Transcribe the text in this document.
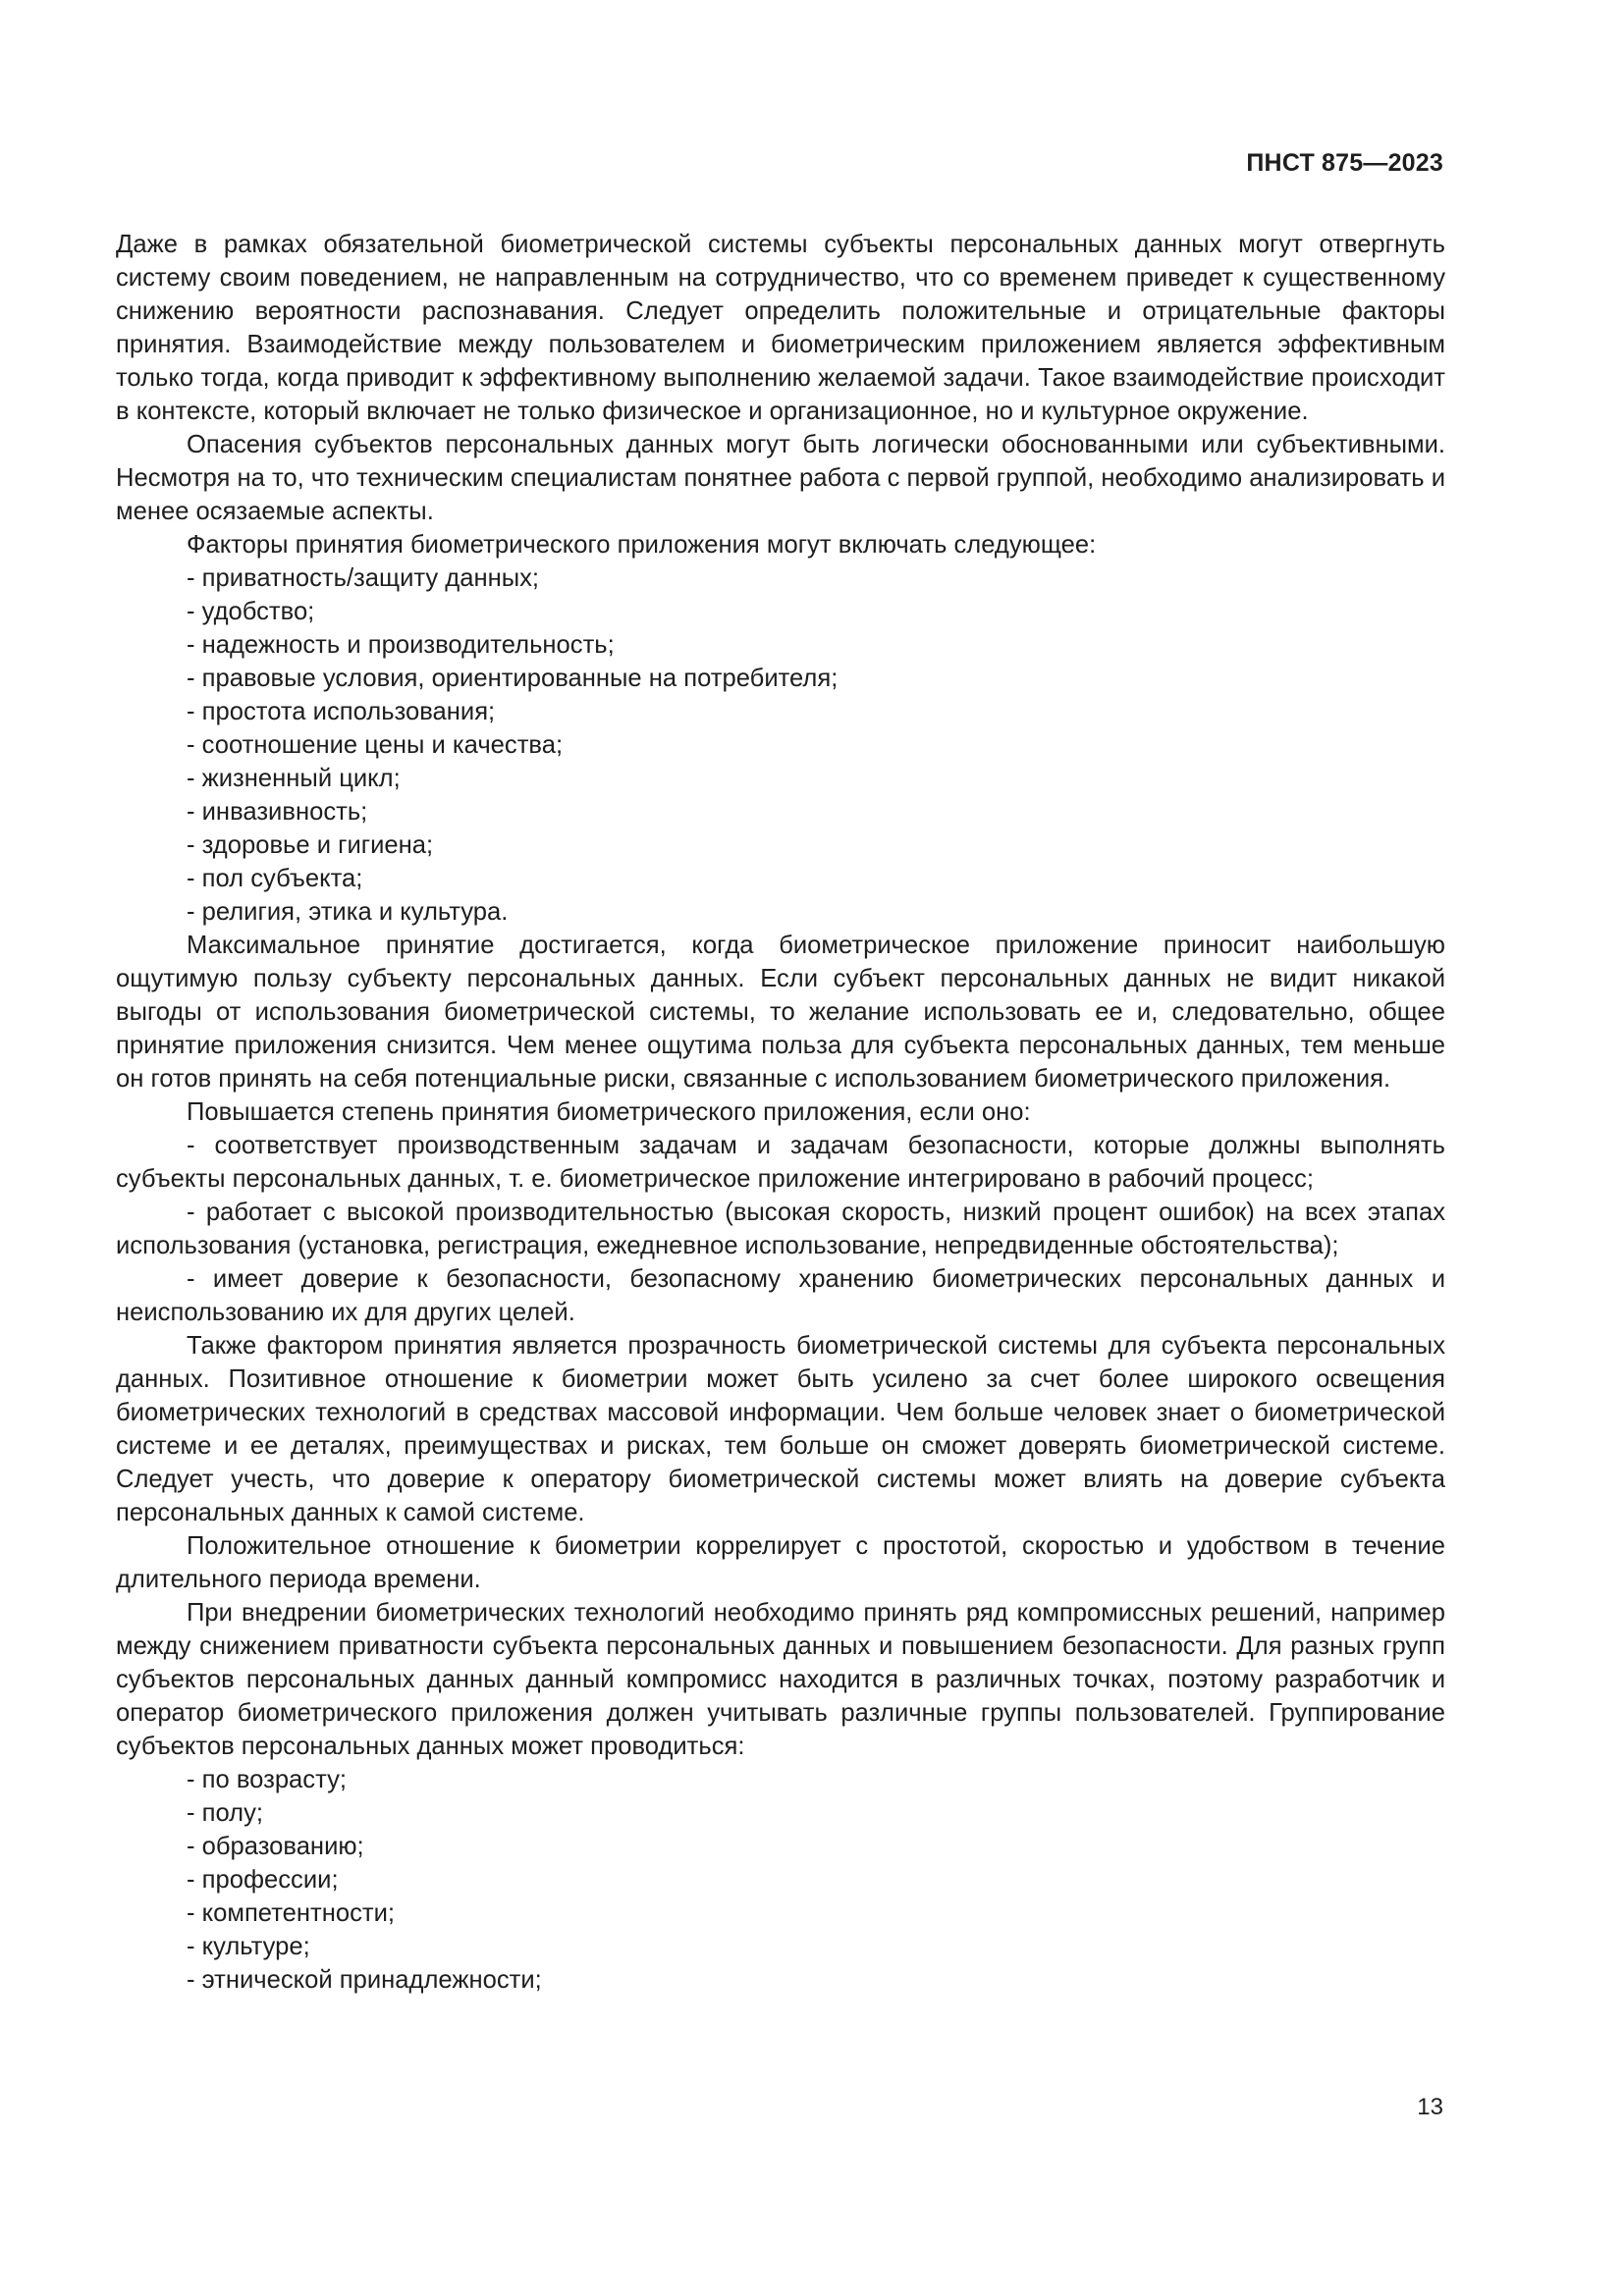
ПНСТ 875—2023

Даже в рамках обязательной биометрической системы субъекты персональных данных могут отвергнуть систему своим поведением, не направленным на сотрудничество, что со временем приведет к существенному снижению вероятности распознавания. Следует определить положительные и отрицательные факторы принятия. Взаимодействие между пользователем и биометрическим приложением является эффективным только тогда, когда приводит к эффективному выполнению желаемой задачи. Такое взаимодействие происходит в контексте, который включает не только физическое и организационное, но и культурное окружение.

Опасения субъектов персональных данных могут быть логически обоснованными или субъективными. Несмотря на то, что техническим специалистам понятнее работа с первой группой, необходимо анализировать и менее осязаемые аспекты.

Факторы принятия биометрического приложения могут включать следующее:

- приватность/защиту данных;
- удобство;
- надежность и производительность;
- правовые условия, ориентированные на потребителя;
- простота использования;
- соотношение цены и качества;
- жизненный цикл;
- инвазивность;
- здоровье и гигиена;
- пол субъекта;
- религия, этика и культура.

Максимальное принятие достигается, когда биометрическое приложение приносит наибольшую ощутимую пользу субъекту персональных данных. Если субъект персональных данных не видит никакой выгоды от использования биометрической системы, то желание использовать ее и, следовательно, общее принятие приложения снизится. Чем менее ощутима польза для субъекта персональных данных, тем меньше он готов принять на себя потенциальные риски, связанные с использованием биометрического приложения.

Повышается степень принятия биометрического приложения, если оно:

- соответствует производственным задачам и задачам безопасности, которые должны выполнять субъекты персональных данных, т. е. биометрическое приложение интегрировано в рабочий процесс;

- работает с высокой производительностью (высокая скорость, низкий процент ошибок) на всех этапах использования (установка, регистрация, ежедневное использование, непредвиденные обстоятельства);

- имеет доверие к безопасности, безопасному хранению биометрических персональных данных и неиспользованию их для других целей.

Также фактором принятия является прозрачность биометрической системы для субъекта персональных данных. Позитивное отношение к биометрии может быть усилено за счет более широкого освещения биометрических технологий в средствах массовой информации. Чем больше человек знает о биометрической системе и ее деталях, преимуществах и рисках, тем больше он сможет доверять биометрической системе. Следует учесть, что доверие к оператору биометрической системы может влиять на доверие субъекта персональных данных к самой системе.

Положительное отношение к биометрии коррелирует с простотой, скоростью и удобством в течение длительного периода времени.

При внедрении биометрических технологий необходимо принять ряд компромиссных решений, например между снижением приватности субъекта персональных данных и повышением безопасности. Для разных групп субъектов персональных данных данный компромисс находится в различных точках, поэтому разработчик и оператор биометрического приложения должен учитывать различные группы пользователей. Группирование субъектов персональных данных может проводиться:

- по возрасту;
- полу;
- образованию;
- профессии;
- компетентности;
- культуре;
- этнической принадлежности;
13
